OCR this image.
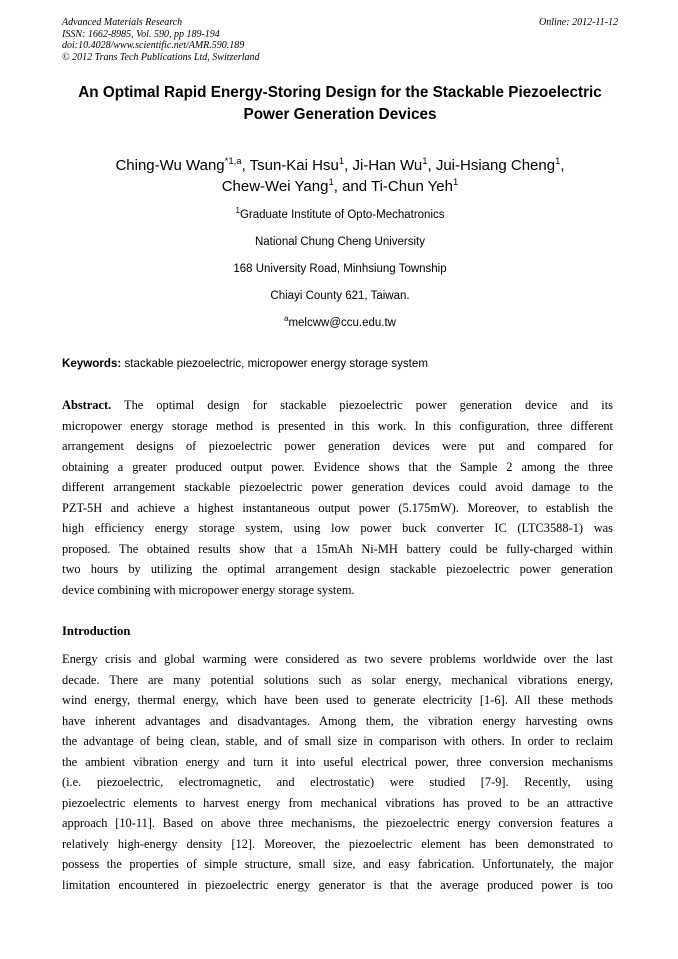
Advanced Materials Research
ISSN: 1662-8985, Vol. 590, pp 189-194
doi:10.4028/www.scientific.net/AMR.590.189
© 2012 Trans Tech Publications Ltd, Switzerland
Online: 2012-11-12
An Optimal Rapid Energy-Storing Design for the Stackable Piezoelectric
Power Generation Devices
Ching-Wu Wang$^{*1,a}$, Tsun-Kai Hsu$^1$, Ji-Han Wu$^1$, Jui-Hsiang Cheng$^1$,
Chew-Wei Yang$^1$, and Ti-Chun Yeh$^1$
$^1$Graduate Institute of Opto-Mechatronics
National Chung Cheng University
168 University Road, Minhsiung Township
Chiayi County 621, Taiwan.
$^a$melcww@ccu.edu.tw
Keywords: stackable piezoelectric, micropower energy storage system
Abstract. The optimal design for stackable piezoelectric power generation device and its
micropower energy storage method is presented in this work. In this configuration, three different
arrangement designs of piezoelectric power generation devices were put and compared for
obtaining a greater produced output power. Evidence shows that the Sample 2 among the three
different arrangement stackable piezoelectric power generation devices could avoid damage to the
PZT-5H and achieve a highest instantaneous output power (5.175mW). Moreover, to establish the
high efficiency energy storage system, using low power buck converter IC (LTC3588-1) was
proposed. The obtained results show that a 15mAh Ni-MH battery could be fully-charged within
two hours by utilizing the optimal arrangement design stackable piezoelectric power generation
device combining with micropower energy storage system.
Introduction
Energy crisis and global warming were considered as two severe problems worldwide over the last
decade. There are many potential solutions such as solar energy, mechanical vibrations energy,
wind energy, thermal energy, which have been used to generate electricity [1-6]. All these methods
have inherent advantages and disadvantages. Among them, the vibration energy harvesting owns
the advantage of being clean, stable, and of small size in comparison with others. In order to reclaim
the ambient vibration energy and turn it into useful electrical power, three conversion mechanisms
(i.e. piezoelectric, electromagnetic, and electrostatic) were studied [7-9]. Recently, using
piezoelectric elements to harvest energy from mechanical vibrations has proved to be an attractive
approach [10-11]. Based on above three mechanisms, the piezoelectric energy conversion features a
relatively high-energy density [12]. Moreover, the piezoelectric element has been demonstrated to
possess the properties of simple structure, small size, and easy fabrication. Unfortunately, the major
limitation encountered in piezoelectric energy generator is that the average produced power is too
